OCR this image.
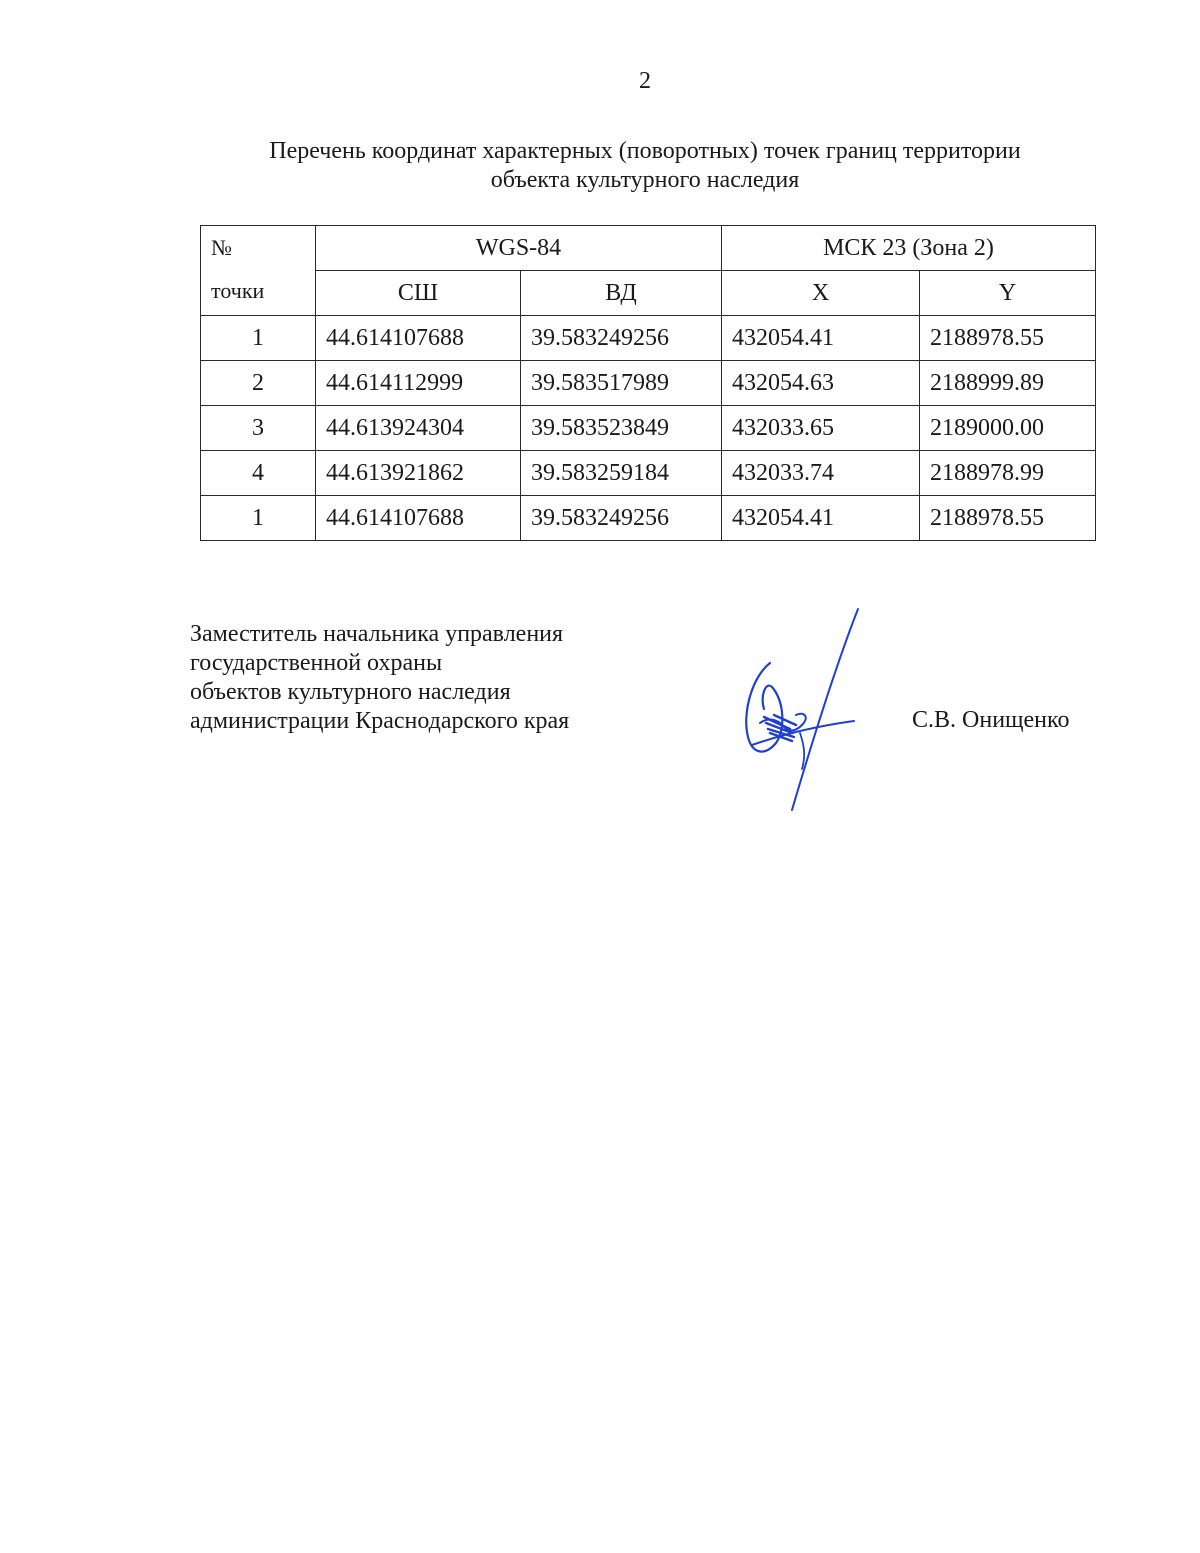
2
Перечень координат характерных (поворотных) точек границ территории
объекта культурного наследия
№
точки	WGS-84		МСК 23 (Зона 2)	
	СШ	ВД	X	Y
1	44.614107688	39.583249256	432054.41	2188978.55
2	44.614112999	39.583517989	432054.63	2188999.89
3	44.613924304	39.583523849	432033.65	2189000.00
4	44.613921862	39.583259184	432033.74	2188978.99
1	44.614107688	39.583249256	432054.41	2188978.55
Заместитель начальника управления
государственной охраны
объектов культурного наследия
администрации Краснодарского края	С.В. Онищенко
